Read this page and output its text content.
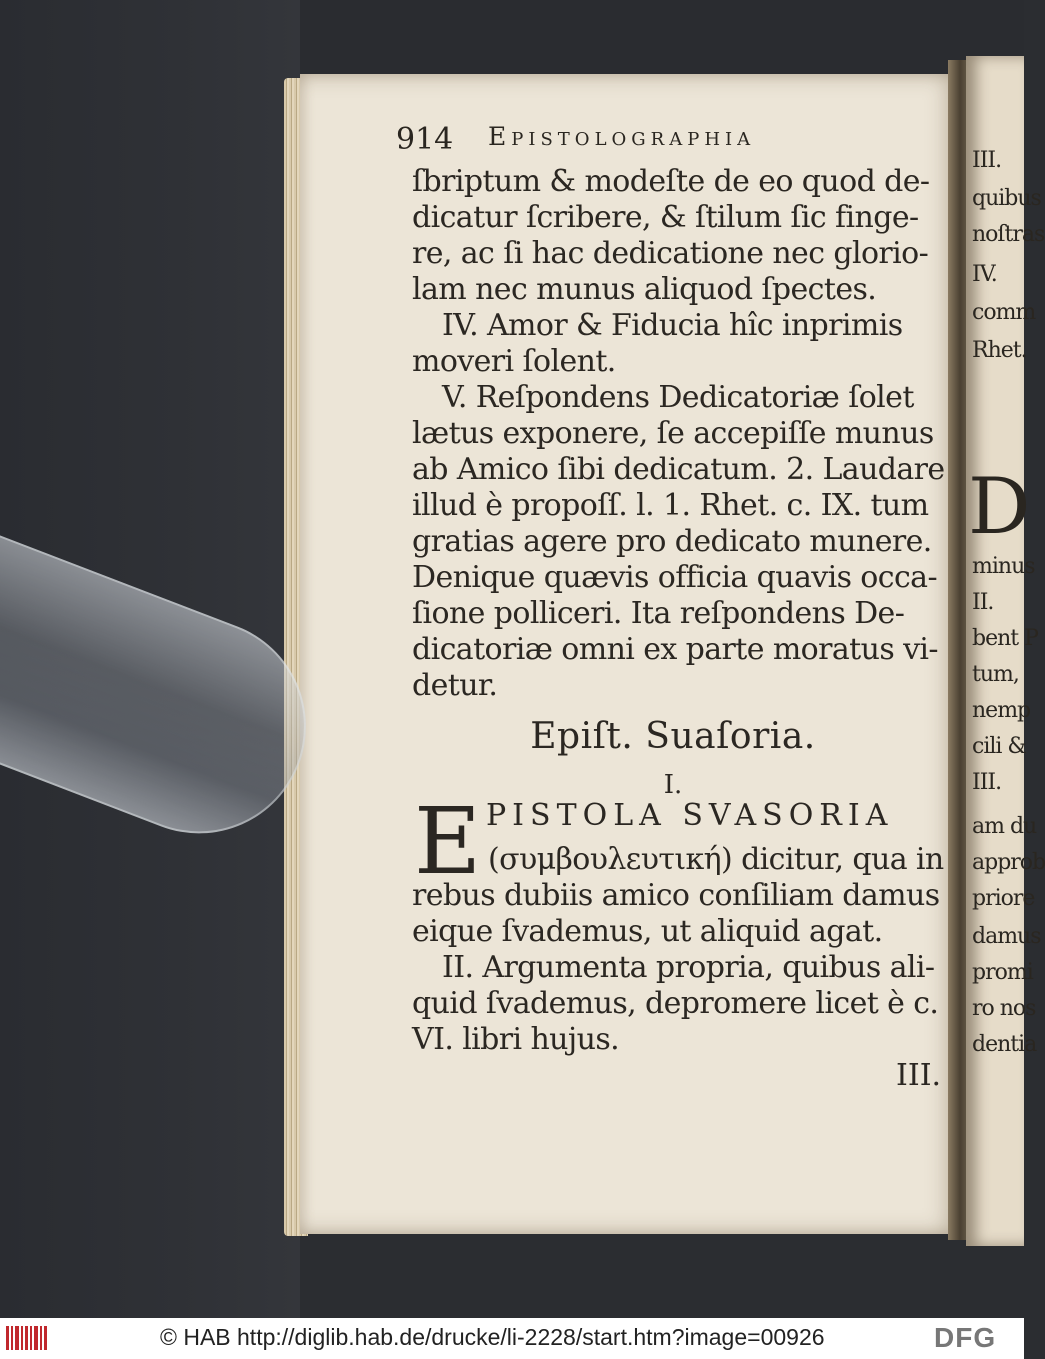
III.
quibus
noſtras
IV.
comm
Rhet.
D
minus
II.
bent P
tum,
nemp
cili &
III.
am du
approb
priore
damus
promi
ro nos
dentia
914 Epistolographia
ſbriptum & modeſte de eo quod de-
dicatur ſcribere, & ſtilum ſic finge-
re, ac ſi hac dedicatione nec glorio-
lam nec munus aliquod ſpectes.
IV. Amor & Fiducia hîc inprimis
moveri ſolent.
V. Reſpondens Dedicatoriæ ſolet
lætus exponere, ſe accepiſſe munus
ab Amico ſibi dedicatum. 2. Laudare
illud è propoſſ. l. 1. Rhet. c. IX. tum
gratias agere pro dedicato munere.
Denique quævis officia quavis occa-
ſione polliceri. Ita reſpondens De-
dicatoriæ omni ex parte moratus vi-
detur.
Epiſt. Suaſoria.
I.
E PISTOLA SVASORIA
(συμβουλευτική) dicitur, qua in
rebus dubiis amico conſiliam damus
eique ſvademus, ut aliquid agat.
II. Argumenta propria, quibus ali-
quid ſvademus, depromere licet è c.
VI. libri hujus.
III.
© HAB http://diglib.hab.de/drucke/li-2228/start.htm?image=00926	DFG
